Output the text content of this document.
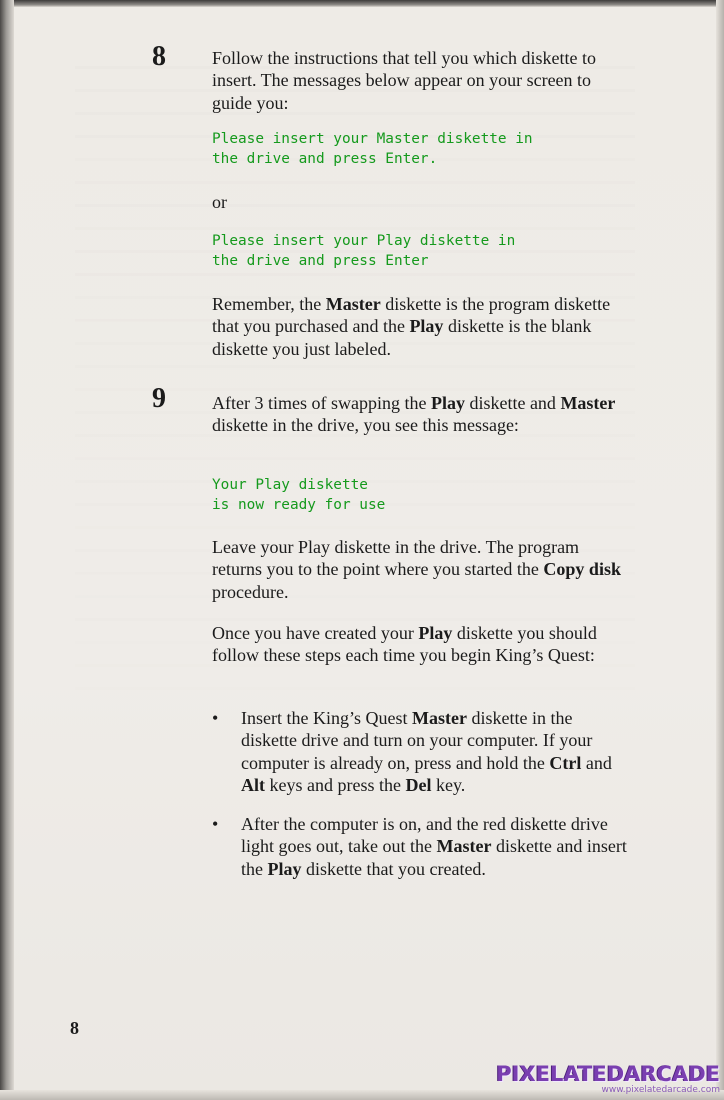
8	Follow the instructions that tell you which diskette to insert. The messages below appear on your screen to guide you:
Please insert your Master diskette in
the drive and press Enter.
or
Please insert your Play diskette in
the drive and press Enter
Remember, the Master diskette is the program diskette that you purchased and the Play diskette is the blank diskette you just labeled.
9	After 3 times of swapping the Play diskette and Master diskette in the drive, you see this message:
Your Play diskette
is now ready for use
Leave your Play diskette in the drive. The program returns you to the point where you started the Copy disk procedure.
Once you have created your Play diskette you should follow these steps each time you begin King’s Quest:
•	Insert the King’s Quest Master diskette in the diskette drive and turn on your computer. If your computer is already on, press and hold the Ctrl and Alt keys and press the Del key.
•	After the computer is on, and the red diskette drive light goes out, take out the Master diskette and insert the Play diskette that you created.
8
PIXELATEDARCADE
www.pixelatedarcade.com
